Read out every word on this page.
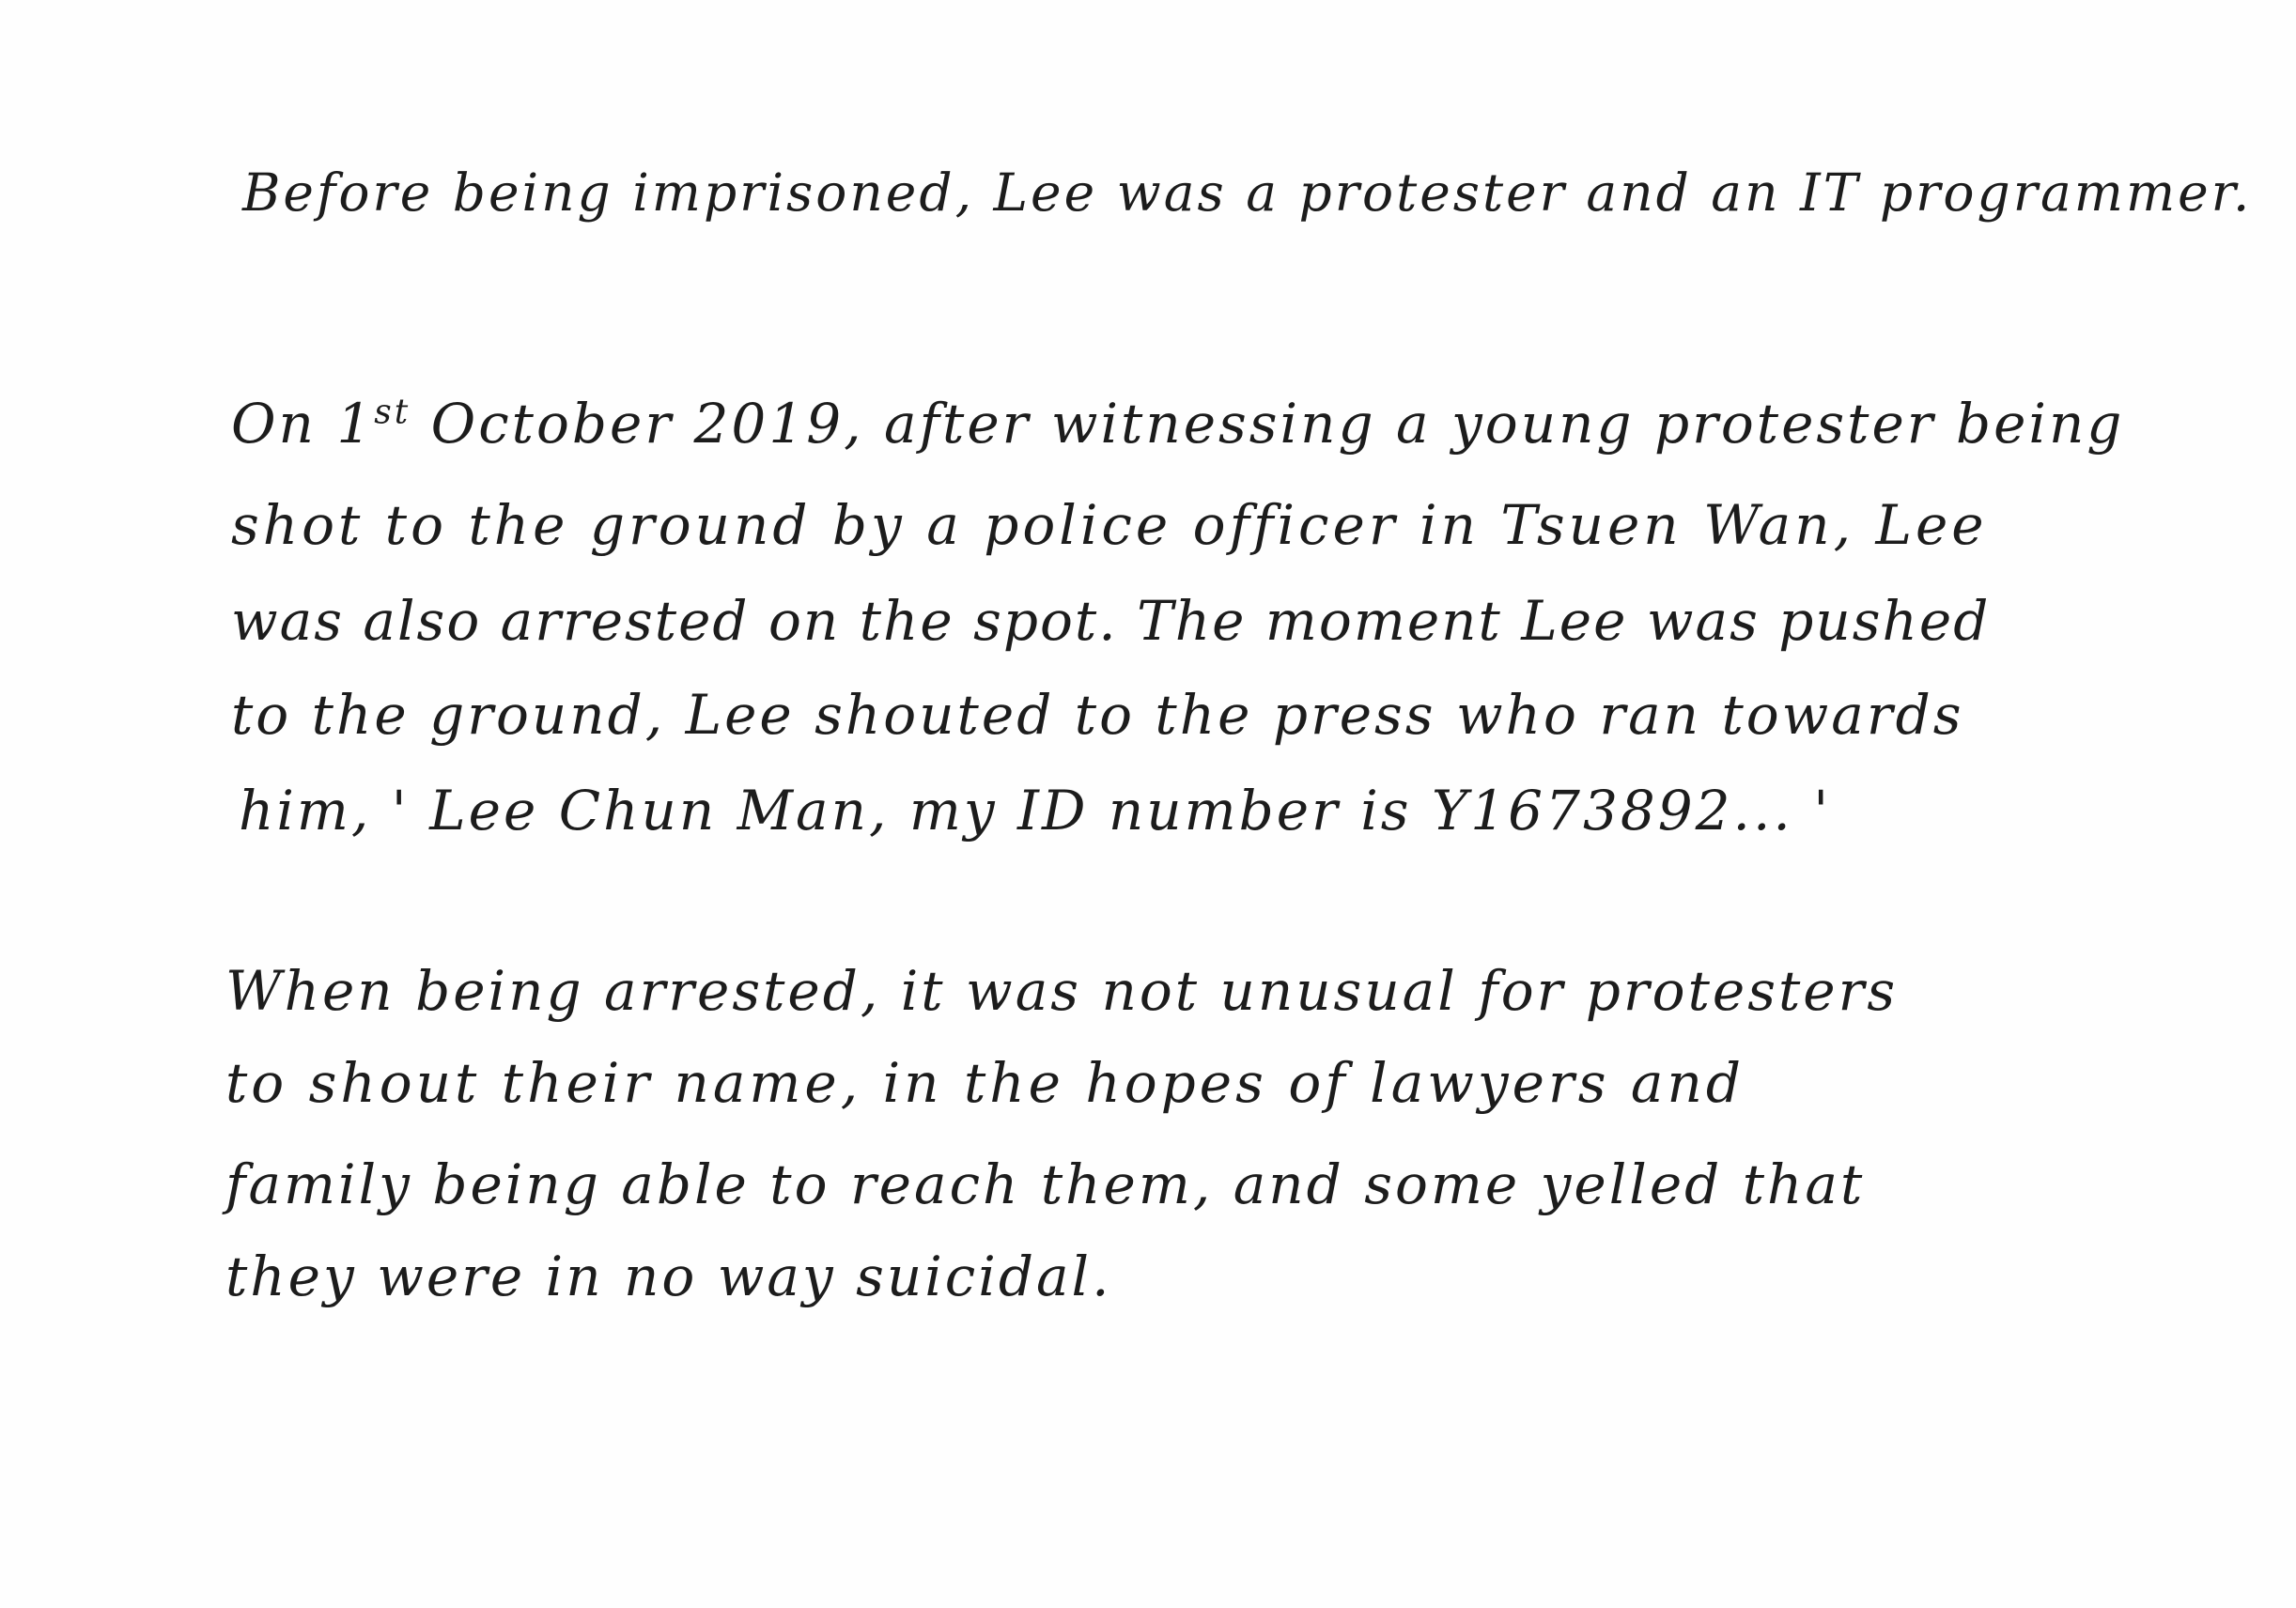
Before being imprisoned, Lee was a protester and an IT programmer.
On 1st October 2019, after witnessing a young protester being
shot to the ground by a police officer in Tsuen Wan, Lee
was also arrested on the spot. The moment Lee was pushed
to the ground, Lee shouted to the press who ran towards
him, ' Lee Chun Man, my ID number is Y1673892... '
When being arrested, it was not unusual for protesters
to shout their name, in the hopes of lawyers and
family being able to reach them, and some yelled that
they were in no way suicidal.
